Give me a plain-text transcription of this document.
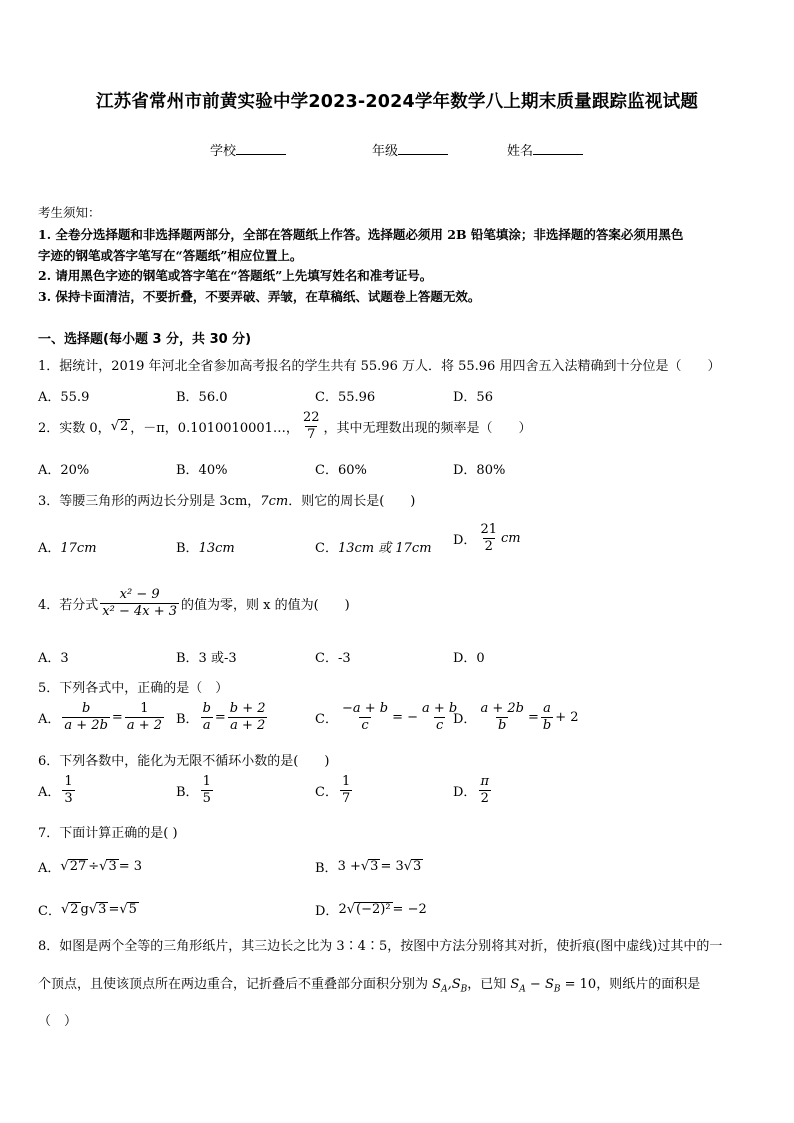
江苏省常州市前黄实验中学2023-2024学年数学八上期末质量跟踪监视试题
学校	年级	姓名
考生须知：
1. 全卷分选择题和非选择题两部分，全部在答题纸上作答。选择题必须用 2B 铅笔填涂；非选择题的答案必须用黑色
字迹的钢笔或答字笔写在“答题纸”相应位置上。
2. 请用黑色字迹的钢笔或答字笔在“答题纸”上先填写姓名和准考证号。
3. 保持卡面清洁，不要折叠，不要弄破、弄皱，在草稿纸、试题卷上答题无效。
一、选择题(每小题 3 分，共 30 分)
1．据统计，2019 年河北全省参加高考报名的学生共有 55.96 万人．将 55.96 用四舍五入法精确到十分位是（　　）
A．55.9	B．56.0	C．55.96	D．56
2．实数 0， √ 2 ，－π，0.1010010001…， $\frac{22}{7}$ ，其中无理数出现的频率是（　　）
A．20%	B．40%	C．60%	D．80%
3．等腰三角形的两边长分别是 3cm，7cm．则它的周长是(　　)
A．17cm	B．13cm	C．13cm 或 17cm
D． $\frac{21}{2}$ cm
4．若分式 $\frac{\text{x² − 9}}{\text{x² − 4x + 3}}$ 的值为零，则 x 的值为(　　)
A．3	B．3 或-3	C．-3	D．0
5．下列各式中，正确的是（　）
A． $\frac{b}{a + 2b} = \frac{1}{a + 2}$ B． $\frac{b}{a} = \frac{b + 2}{a + 2}$	C． $\frac{-a + b}{c}$ = − $\frac{a + b}{c}$
D． $\frac{a + 2b}{b} = \frac{a}{b} + 2$
6．下列各数中，能化为无限不循环小数的是(　　)
A． $\frac{1}{3}$	B． $\frac{1}{5}$	C． $\frac{1}{7}$	D． $\frac{\pi}{2}$
7．下面计算正确的是( )
A． √ 27 ÷ √ 3 = 3	B． 3 + √ 3 = 3 √ 3
C． √ 2 g √ 3 = √ 5	D． 2 √ (−2)² = −2
8．如图是两个全等的三角形纸片，其三边长之比为 3∶4∶5，按图中方法分别将其对折，使折痕(图中虚线)过其中的一
个顶点，且使该顶点所在两边重合，记折叠后不重叠部分面积分别为 $S_A,S_B$，已知 $S_A - S_B = 10$，则纸片的面积是
（　）
